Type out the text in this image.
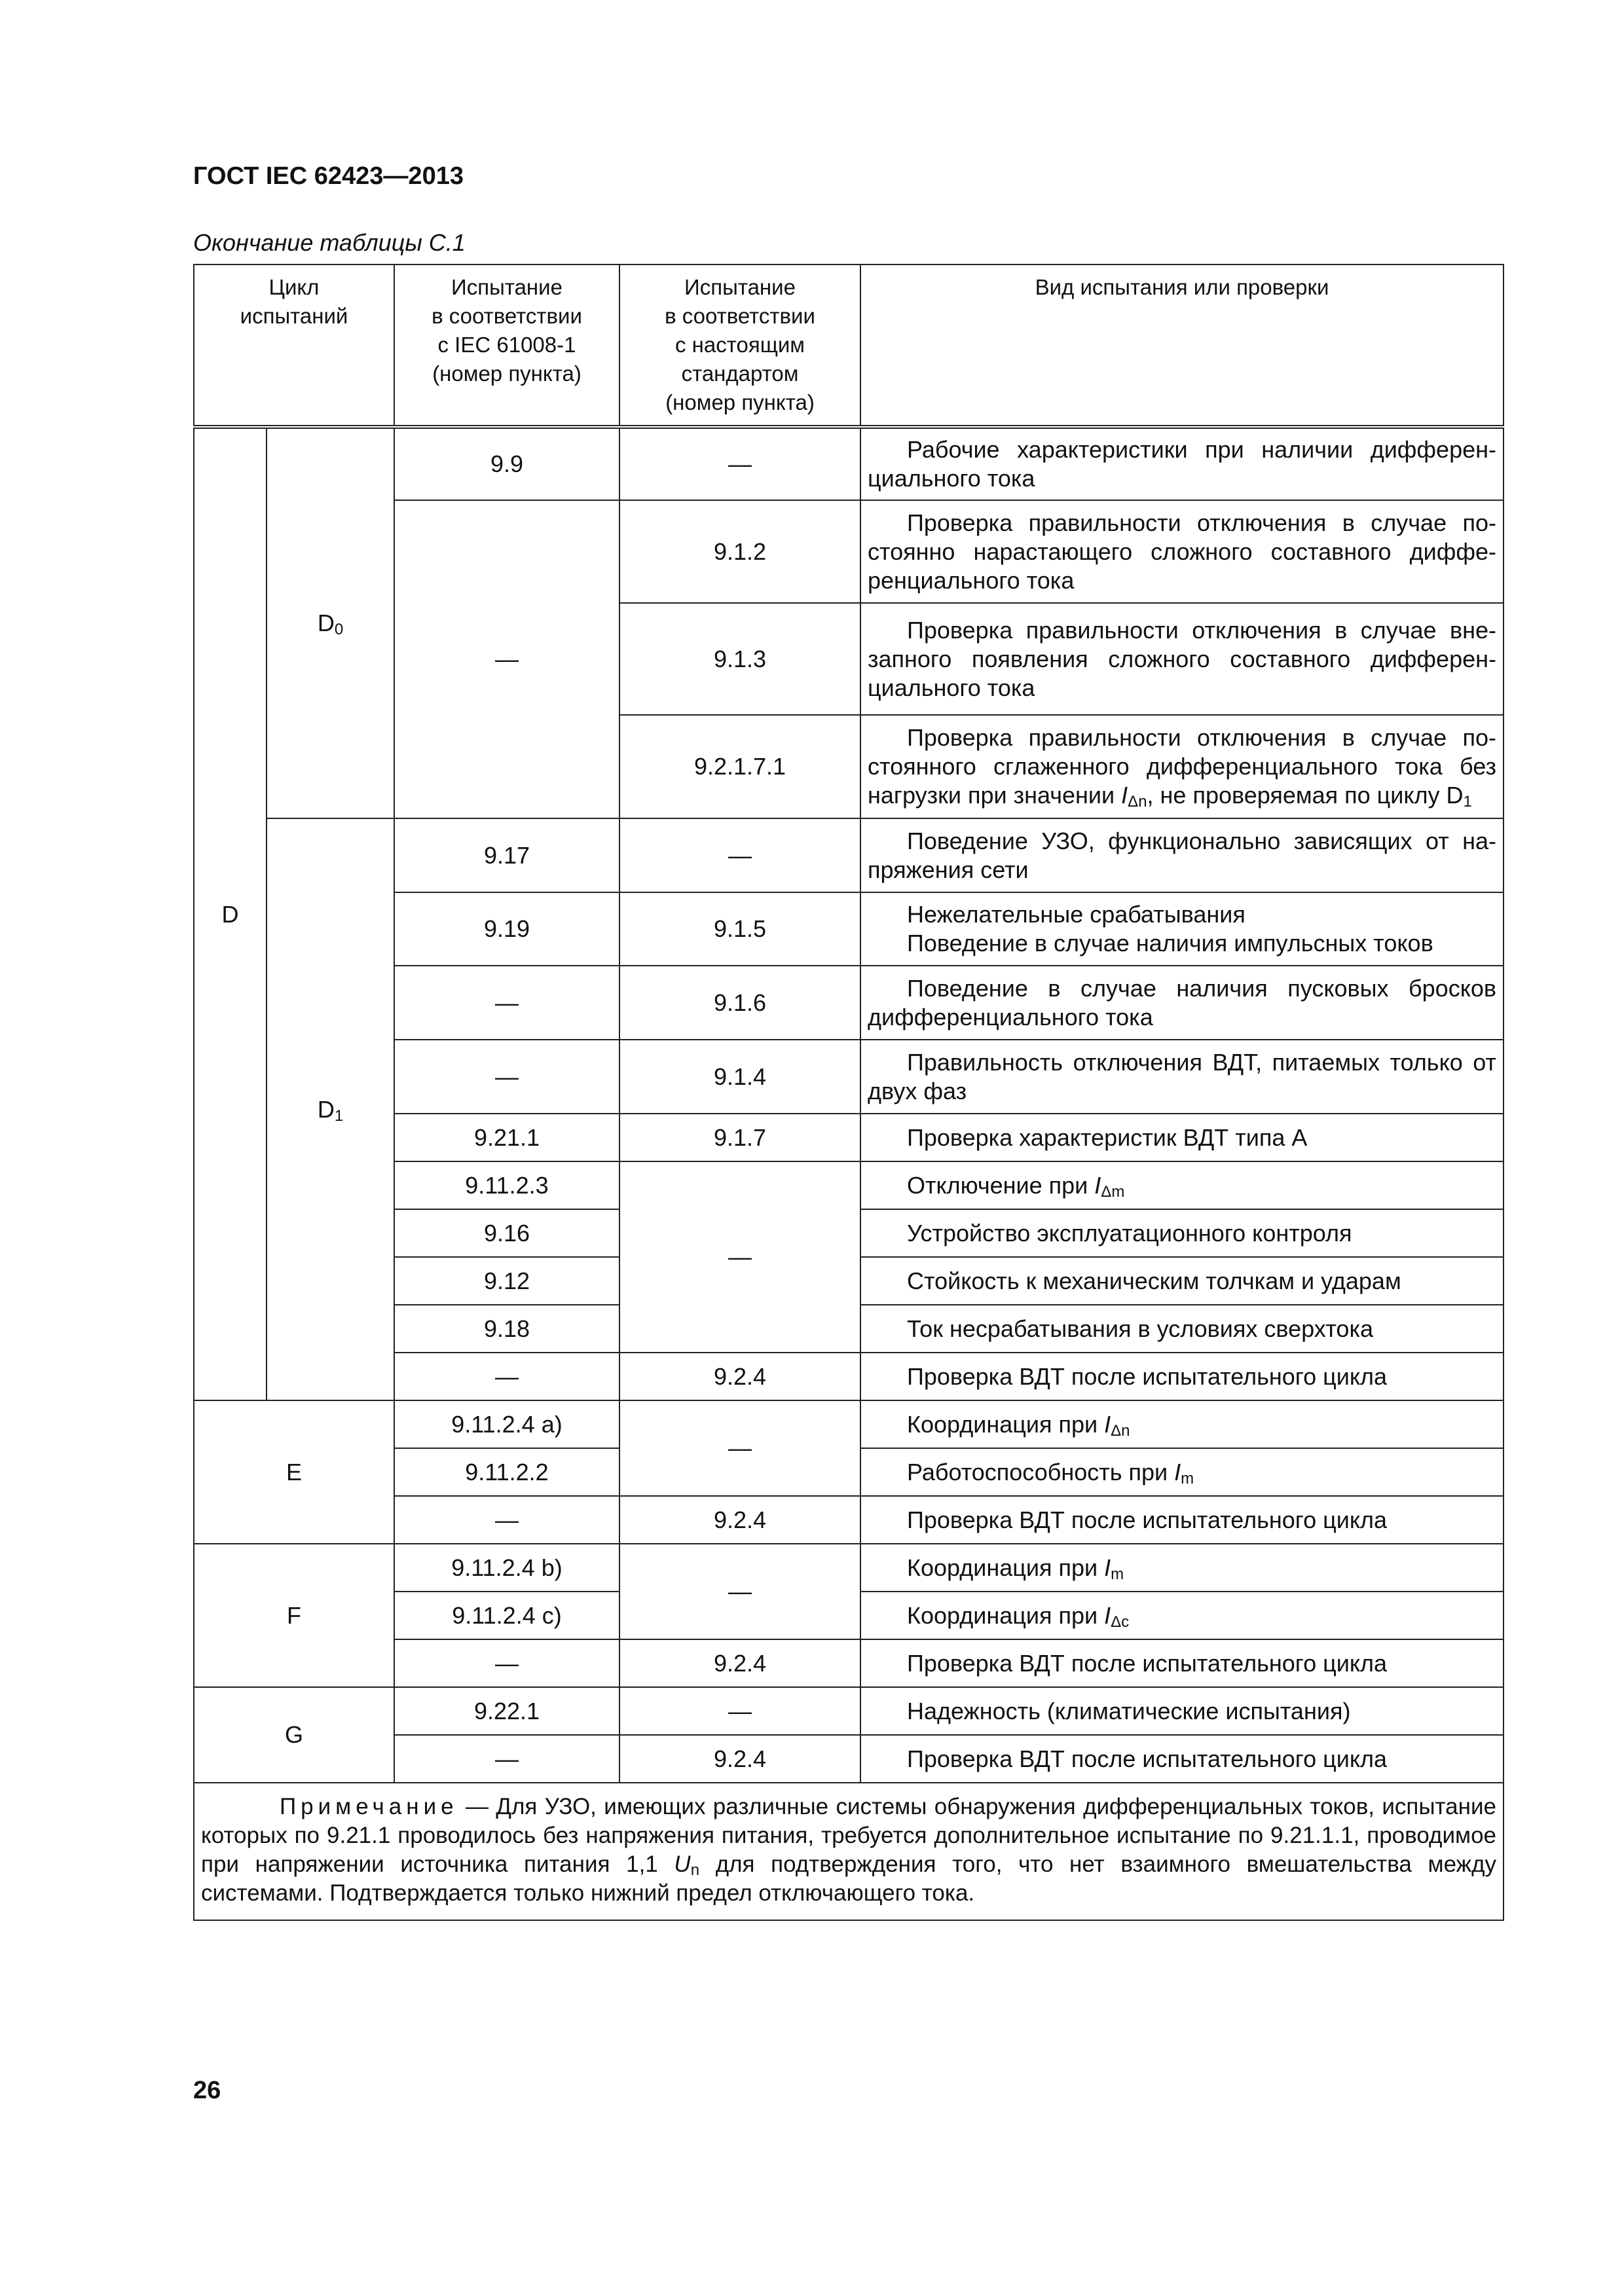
ГОСТ IEC 62423—2013
Окончание таблицы С.1
Цикл
испытаний		Испытание
в соответствии
с IEC 61008-1
(номер пункта)	Испытание
в соответствии
с настоящим
стандартом
(номер пункта)	Вид испытания или проверки
D	$D_0$	9.9	—	Рабочие характеристики при наличии дифференциального тока
		—	9.1.2	Проверка правильности отключения в случае постоянно нарастающего сложного составного дифференциального тока
			9.1.3	Проверка правильности отключения в случае внезапного появления сложного составного дифференциального тока
			9.2.1.7.1	Проверка правильности отключения в случае постоянного сглаженного дифференциального тока без нагрузки при значении $I_{\Delta n}$, не проверяемая по циклу $D_1$
	$D_1$	9.17	—	Поведение УЗО, функционально зависящих от напряжения сети
		9.19	9.1.5	Нежелательные срабатывания
Поведение в случае наличия импульсных токов
		—	9.1.6	Поведение в случае наличия пусковых бросков дифференциального тока
		—	9.1.4	Правильность отключения ВДТ, питаемых только от двух фаз
		9.21.1	9.1.7	Проверка характеристик ВДТ типа А
		9.11.2.3	—	Отключение при $I_{\Delta m}$
		9.16		Устройство эксплуатационного контроля
		9.12		Стойкость к механическим толчкам и ударам
		9.18		Ток несрабатывания в условиях сверхтока
		—	9.2.4	Проверка ВДТ после испытательного цикла
E		9.11.2.4 a)	—	Координация при $I_{\Delta n}$
		9.11.2.2		Работоспособность при $I_m$
		—	9.2.4	Проверка ВДТ после испытательного цикла
F		9.11.2.4 b)	—	Координация при $I_m$
		9.11.2.4 c)		Координация при $I_{\Delta c}$
		—	9.2.4	Проверка ВДТ после испытательного цикла
G		9.22.1	—	Надежность (климатические испытания)
		—	9.2.4	Проверка ВДТ после испытательного цикла
Примечание — Для УЗО, имеющих различные системы обнаружения дифференциальных токов, испытание которых по 9.21.1 проводилось без напряжения питания, требуется дополнительное испытание по 9.21.1.1, проводимое при напряжении источника питания 1,1 $U_n$ для подтверждения того, что нет взаимного вмешательства между системами. Подтверждается только нижний предел отключающего тока.				
26
